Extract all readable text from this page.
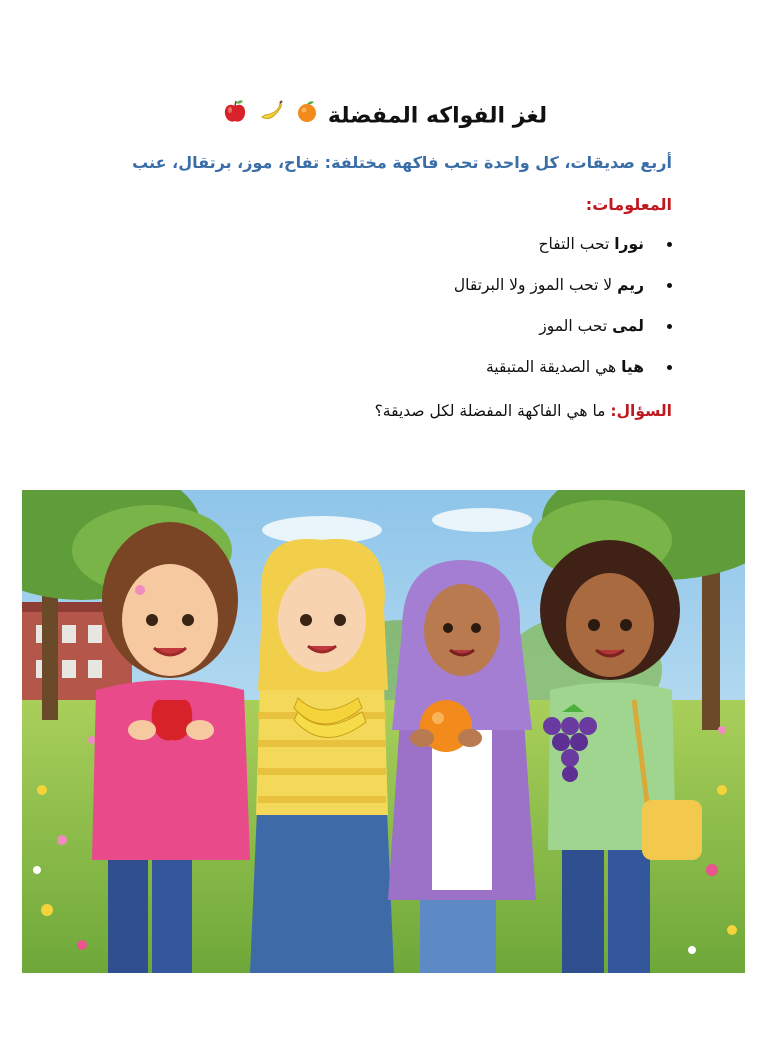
لغز الفواكه المفضلة
أربع صديقات، كل واحدة تحب فاكهة مختلفة: تفاح، موز، برتقال، عنب
المعلومات:
نورا تحب التفاح
ريم لا تحب الموز ولا البرتقال
لمى تحب الموز
هيا هي الصديقة المتبقية
السؤال: ما هي الفاكهة المفضلة لكل صديقة؟
